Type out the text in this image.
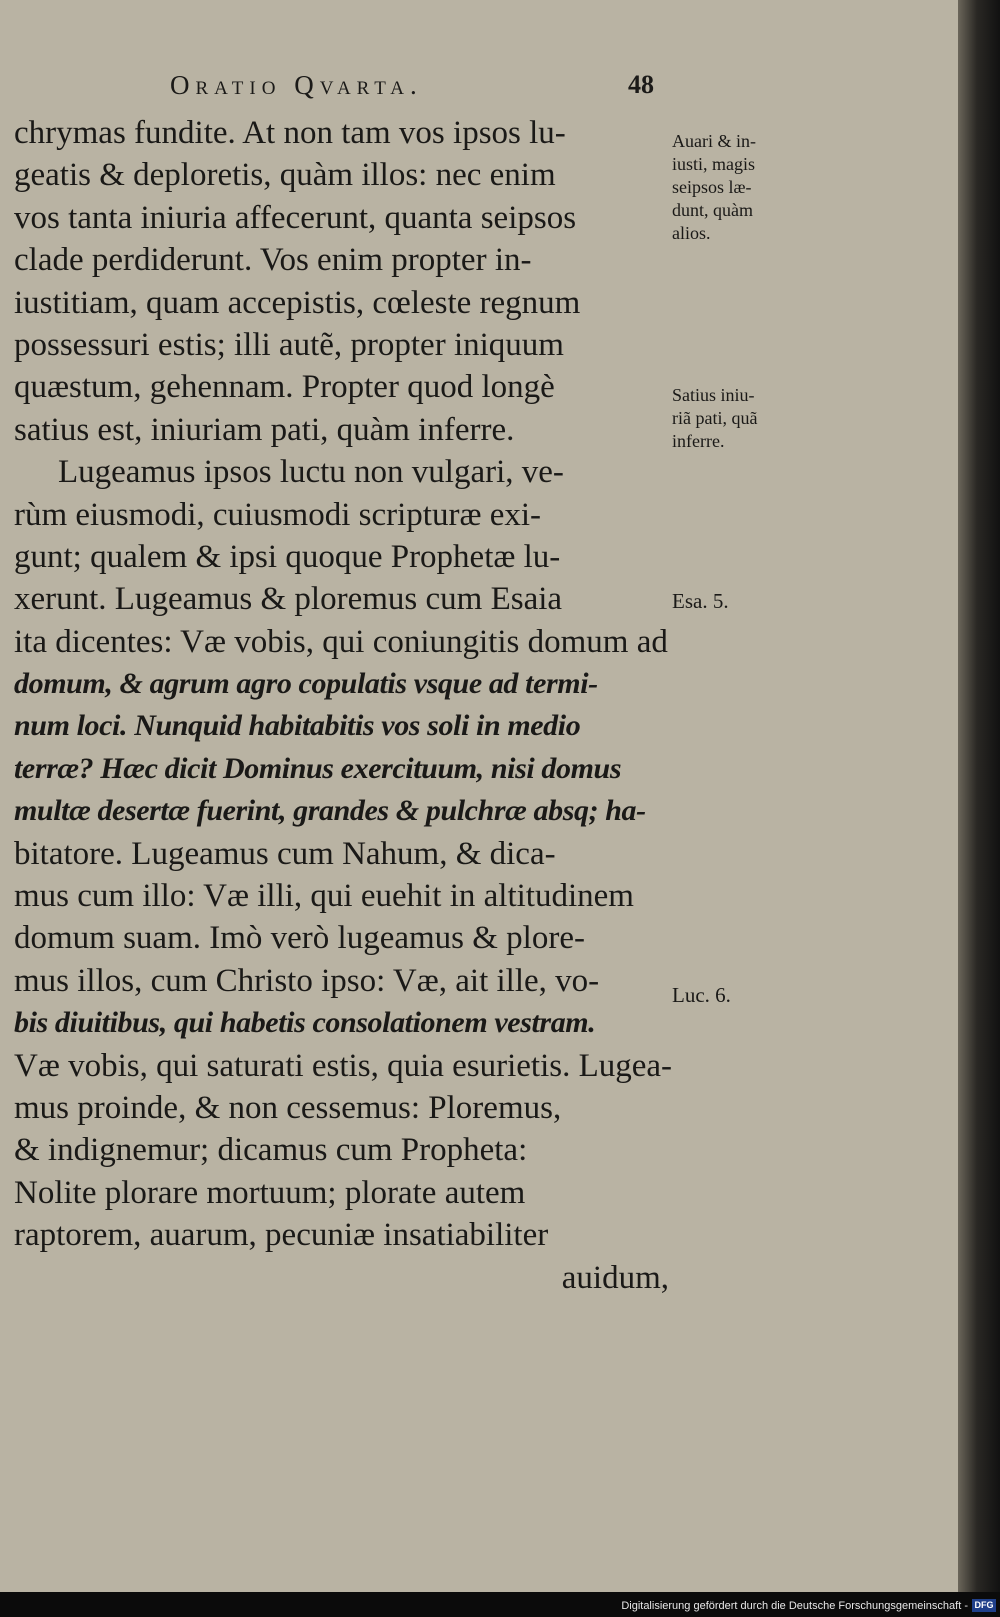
Oratio Qvarta.	48
chrymas fundite. At non tam vos ipsos lu-
geatis & deploretis, quàm illos: nec enim
vos tanta iniuria affecerunt, quanta seipsos
clade perdiderunt. Vos enim propter in-
iustitiam, quam accepistis, cœleste regnum
possessuri estis; illi autẽ, propter iniquum
quæstum, gehennam. Propter quod longè
satius est, iniuriam pati, quàm inferre.
Lugeamus ipsos luctu non vulgari, ve-
rùm eiusmodi, cuiusmodi scripturæ exi-
gunt; qualem & ipsi quoque Prophetæ lu-
xerunt. Lugeamus & ploremus cum Esaia
ita dicentes: Væ vobis, qui coniungitis domum ad
domum, & agrum agro copulatis vsque ad termi-
num loci. Nunquid habitabitis vos soli in medio
terræ? Hæc dicit Dominus exercituum, nisi domus
multæ desertæ fuerint, grandes & pulchræ absq; ha-
bitatore. Lugeamus cum Nahum, & dica-
mus cum illo: Væ illi, qui euehit in altitudinem
domum suam. Imò verò lugeamus & plore-
mus illos, cum Christo ipso: Væ, ait ille, vo-
bis diuitibus, qui habetis consolationem vestram.
Væ vobis, qui saturati estis, quia esurietis. Lugea-
mus proinde, & non cessemus: Ploremus,
& indignemur; dicamus cum Propheta:
Nolite plorare mortuum; plorate autem
raptorem, auarum, pecuniæ insatiabiliter
auidum,
Auari & in-
iusti, magis
seipsos læ-
dunt, quàm
alios.
Satius iniu-
riã pati, quã
inferre.
Esa. 5.
Luc. 6.
Digitalisierung gefördert durch die Deutsche Forschungsgemeinschaft - DFG
